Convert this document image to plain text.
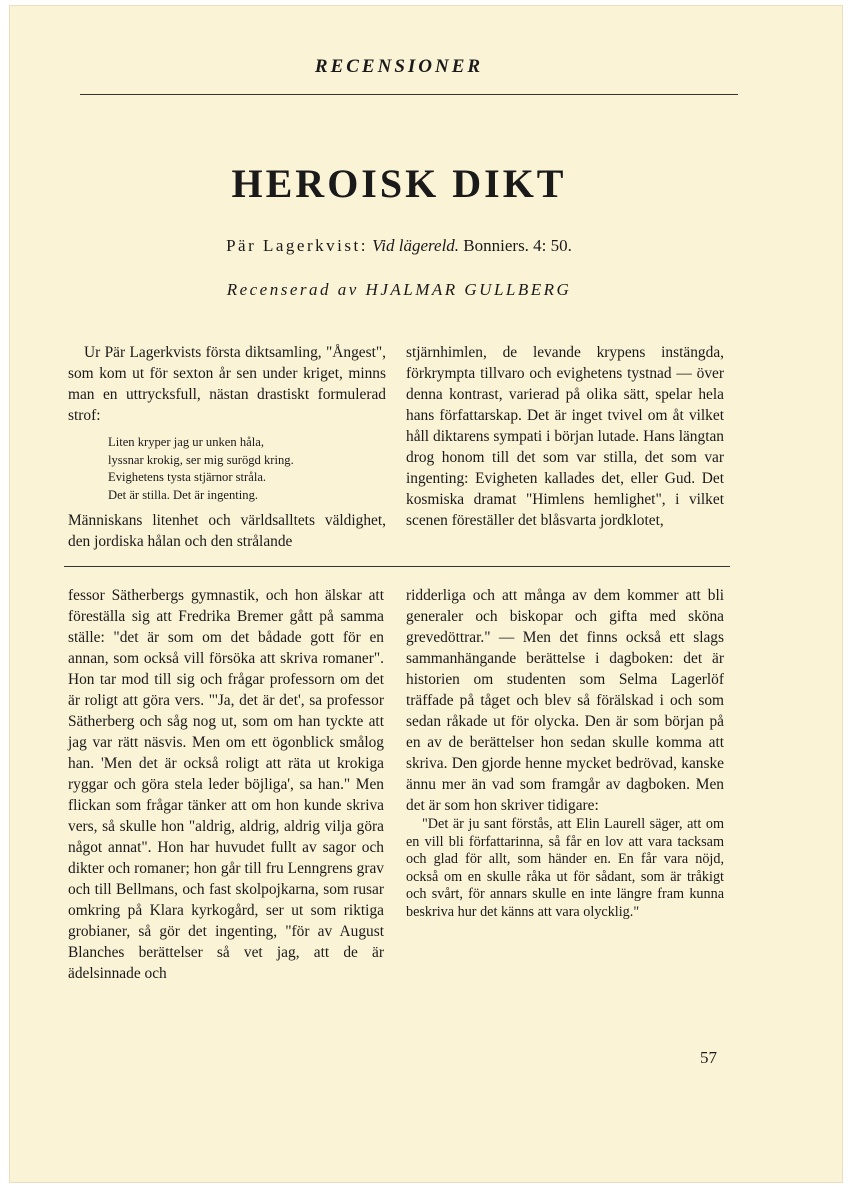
RECENSIONER
HEROISK DIKT
Pär Lagerkvist: Vid lägereld. Bonniers. 4: 50.
Recenserad av HJALMAR GULLBERG

Ur Pär Lagerkvists första diktsamling, "Ångest", som kom ut för sexton år sen under kriget, minns man en uttrycksfull, nästan drastiskt formulerad strof:

Liten kryper jag ur unken håla,
lyssnar krokig, ser mig surögd kring.
Evighetens tysta stjärnor stråla.
Det är stilla. Det är ingenting.

Människans litenhet och världsalltets väldighet, den jordiska hålan och den strålande

stjärnhimlen, de levande krypens instängda, förkrympta tillvaro och evighetens tystnad — över denna kontrast, varierad på olika sätt, spelar hela hans författarskap. Det är inget tvivel om åt vilket håll diktarens sympati i början lutade. Hans längtan drog honom till det som var stilla, det som var ingenting: Evigheten kallades det, eller Gud. Det kosmiska dramat "Himlens hemlighet", i vilket scenen föreställer det blåsvarta jordklotet,

fessor Sätherbergs gymnastik, och hon älskar att föreställa sig att Fredrika Bremer gått på samma ställe: "det är som om det bådade gott för en annan, som också vill försöka att skriva romaner". Hon tar mod till sig och frågar professorn om det är roligt att göra vers. "'Ja, det är det', sa professor Sätherberg och såg nog ut, som om han tyckte att jag var rätt näsvis. Men om ett ögonblick smålog han. 'Men det är också roligt att räta ut krokiga ryggar och göra stela leder böjliga', sa han." Men flickan som frågar tänker att om hon kunde skriva vers, så skulle hon "aldrig, aldrig, aldrig vilja göra något annat". Hon har huvudet fullt av sagor och dikter och romaner; hon går till fru Lenngrens grav och till Bellmans, och fast skolpojkarna, som rusar omkring på Klara kyrkogård, ser ut som riktiga grobianer, så gör det ingenting, "för av August Blanches berättelser så vet jag, att de är ädelsinnade och

ridderliga och att många av dem kommer att bli generaler och biskopar och gifta med sköna grevedöttrar." — Men det finns också ett slags sammanhängande berättelse i dagboken: det är historien om studenten som Selma Lagerlöf träffade på tåget och blev så förälskad i och som sedan råkade ut för olycka. Den är som början på en av de berättelser hon sedan skulle komma att skriva. Den gjorde henne mycket bedrövad, kanske ännu mer än vad som framgår av dagboken. Men det är som hon skriver tidigare:

"Det är ju sant förstås, att Elin Laurell säger, att om en vill bli författarinna, så får en lov att vara tacksam och glad för allt, som händer en. En får vara nöjd, också om en skulle råka ut för sådant, som är tråkigt och svårt, för annars skulle en inte längre fram kunna beskriva hur det känns att vara olycklig."

57
